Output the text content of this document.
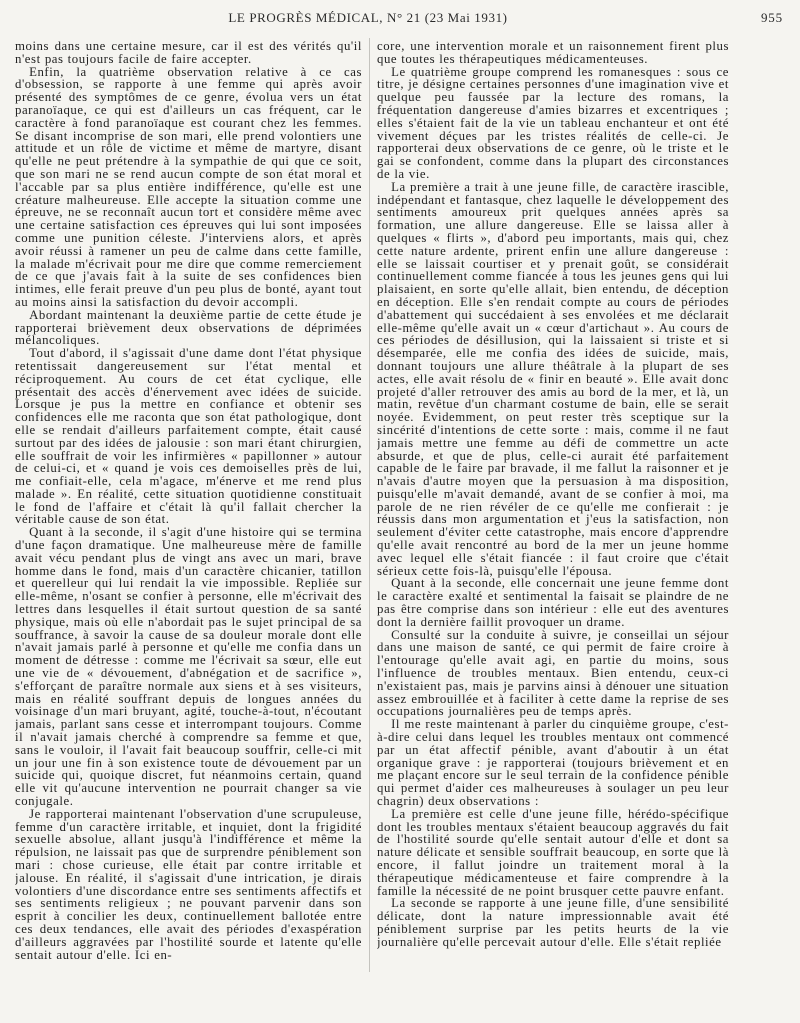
LE PROGRÈS MÉDICAL, N° 21 (23 Mai 1931)	955

moins dans une certaine mesure, car il est des vérités qu'il n'est pas toujours facile de faire accepter.

Enfin, la quatrième observation relative à ce cas d'obsession, se rapporte à une femme qui après avoir présenté des symptômes de ce genre, évolua vers un état paranoïaque, ce qui est d'ailleurs un cas fréquent, car le caractère à fond paranoïaque est courant chez les femmes. Se disant incomprise de son mari, elle prend volontiers une attitude et un rôle de victime et même de martyre, disant qu'elle ne peut prétendre à la sympathie de qui que ce soit, que son mari ne se rend aucun compte de son état moral et l'accable par sa plus entière indifférence, qu'elle est une créature malheureuse. Elle accepte la situation comme une épreuve, ne se reconnaît aucun tort et considère même avec une certaine satisfaction ces épreuves qui lui sont imposées comme une punition céleste. J'interviens alors, et après avoir réussi à ramener un peu de calme dans cette famille, la malade m'écrivait pour me dire que comme remerciement de ce que j'avais fait à la suite de ses confidences bien intimes, elle ferait preuve d'un peu plus de bonté, ayant tout au moins ainsi la satisfaction du devoir accompli.

Abordant maintenant la deuxième partie de cette étude je rapporterai brièvement deux observations de déprimées mélancoliques.

Tout d'abord, il s'agissait d'une dame dont l'état physique retentissait dangereusement sur l'état mental et réciproquement. Au cours de cet état cyclique, elle présentait des accès d'énervement avec idées de suicide. Lorsque je pus la mettre en confiance et obtenir ses confidences elle me raconta que son état pathologique, dont elle se rendait d'ailleurs parfaitement compte, était causé surtout par des idées de jalousie : son mari étant chirurgien, elle souffrait de voir les infirmières « papillonner » autour de celui-ci, et « quand je vois ces demoiselles près de lui, me confiait-elle, cela m'agace, m'énerve et me rend plus malade ». En réalité, cette situation quotidienne constituait le fond de l'affaire et c'était là qu'il fallait chercher la véritable cause de son état.

Quant à la seconde, il s'agit d'une histoire qui se termina d'une façon dramatique. Une malheureuse mère de famille avait vécu pendant plus de vingt ans avec un mari, brave homme dans le fond, mais d'un caractère chicanier, tatillon et querelleur qui lui rendait la vie impossible. Repliée sur elle-même, n'osant se confier à personne, elle m'écrivait des lettres dans lesquelles il était surtout question de sa santé physique, mais où elle n'abordait pas le sujet principal de sa souffrance, à savoir la cause de sa douleur morale dont elle n'avait jamais parlé à personne et qu'elle me confia dans un moment de détresse : comme me l'écrivait sa sœur, elle eut une vie de « dévouement, d'abnégation et de sacrifice », s'efforçant de paraître normale aux siens et à ses visiteurs, mais en réalité souffrant depuis de longues années du voisinage d'un mari bruyant, agité, touche-à-tout, n'écoutant jamais, parlant sans cesse et interrompant toujours. Comme il n'avait jamais cherché à comprendre sa femme et que, sans le vouloir, il l'avait fait beaucoup souffrir, celle-ci mit un jour une fin à son existence toute de dévouement par un suicide qui, quoique discret, fut néanmoins certain, quand elle vit qu'aucune intervention ne pourrait changer sa vie conjugale.

Je rapporterai maintenant l'observation d'une scrupuleuse, femme d'un caractère irritable, et inquiet, dont la frigidité sexuelle absolue, allant jusqu'à l'indifférence et même la répulsion, ne laissait pas que de surprendre péniblement son mari : chose curieuse, elle était par contre irritable et jalouse. En réalité, il s'agissait d'une intrication, je dirais volontiers d'une discordance entre ses sentiments affectifs et ses sentiments religieux ; ne pouvant parvenir dans son esprit à concilier les deux, continuellement ballotée entre ces deux tendances, elle avait des périodes d'exaspération d'ailleurs aggravées par l'hostilité sourde et latente qu'elle sentait autour d'elle. Ici en-

core, une intervention morale et un raisonnement firent plus que toutes les thérapeutiques médicamenteuses.

Le quatrième groupe comprend les romanesques : sous ce titre, je désigne certaines personnes d'une imagination vive et quelque peu faussée par la lecture des romans, la fréquentation dangereuse d'amies bizarres et excentriques ; elles s'étaient fait de la vie un tableau enchanteur et ont été vivement déçues par les tristes réalités de celle-ci. Je rapporterai deux observations de ce genre, où le triste et le gai se confondent, comme dans la plupart des circonstances de la vie.

La première a trait à une jeune fille, de caractère irascible, indépendant et fantasque, chez laquelle le développement des sentiments amoureux prit quelques années après sa formation, une allure dangereuse. Elle se laissa aller à quelques « flirts », d'abord peu importants, mais qui, chez cette nature ardente, prirent enfin une allure dangereuse : elle se laissait courtiser et y prenait goût, se considérait continuellement comme fiancée à tous les jeunes gens qui lui plaisaient, en sorte qu'elle allait, bien entendu, de déception en déception. Elle s'en rendait compte au cours de périodes d'abattement qui succédaient à ses envolées et me déclarait elle-même qu'elle avait un « cœur d'artichaut ». Au cours de ces périodes de désillusion, qui la laissaient si triste et si désemparée, elle me confia des idées de suicide, mais, donnant toujours une allure théâtrale à la plupart de ses actes, elle avait résolu de « finir en beauté ». Elle avait donc projeté d'aller retrouver des amis au bord de la mer, et là, un matin, revêtue d'un charmant costume de bain, elle se serait noyée. Evidemment, on peut rester très sceptique sur la sincérité d'intentions de cette sorte : mais, comme il ne faut jamais mettre une femme au défi de commettre un acte absurde, et que de plus, celle-ci aurait été parfaitement capable de le faire par bravade, il me fallut la raisonner et je n'avais d'autre moyen que la persuasion à ma disposition, puisqu'elle m'avait demandé, avant de se confier à moi, ma parole de ne rien révéler de ce qu'elle me confierait : je réussis dans mon argumentation et j'eus la satisfaction, non seulement d'éviter cette catastrophe, mais encore d'apprendre qu'elle avait rencontré au bord de la mer un jeune homme avec lequel elle s'était fiancée : il faut croire que c'était sérieux cette fois-là, puisqu'elle l'épousa.

Quant à la seconde, elle concernait une jeune femme dont le caractère exalté et sentimental la faisait se plaindre de ne pas être comprise dans son intérieur : elle eut des aventures dont la dernière faillit provoquer un drame.

Consulté sur la conduite à suivre, je conseillai un séjour dans une maison de santé, ce qui permit de faire croire à l'entourage qu'elle avait agi, en partie du moins, sous l'influence de troubles mentaux. Bien entendu, ceux-ci n'existaient pas, mais je parvins ainsi à dénouer une situation assez embrouillée et à faciliter à cette dame la reprise de ses occupations journalières peu de temps après.

Il me reste maintenant à parler du cinquième groupe, c'est-à-dire celui dans lequel les troubles mentaux ont commencé par un état affectif pénible, avant d'aboutir à un état organique grave : je rapporterai (toujours brièvement et en me plaçant encore sur le seul terrain de la confidence pénible qui permet d'aider ces malheureuses à soulager un peu leur chagrin) deux observations :

La première est celle d'une jeune fille, hérédo-spécifique dont les troubles mentaux s'étaient beaucoup aggravés du fait de l'hostilité sourde qu'elle sentait autour d'elle et dont sa nature délicate et sensible souffrait beaucoup, en sorte que là encore, il fallut joindre un traitement moral à la thérapeutique médicamenteuse et faire comprendre à la famille la nécessité de ne point brusquer cette pauvre enfant.

La seconde se rapporte à une jeune fille, d'une sensibilité délicate, dont la nature impressionnable avait été péniblement surprise par les petits heurts de la vie journalière qu'elle percevait autour d'elle. Elle s'était repliée
